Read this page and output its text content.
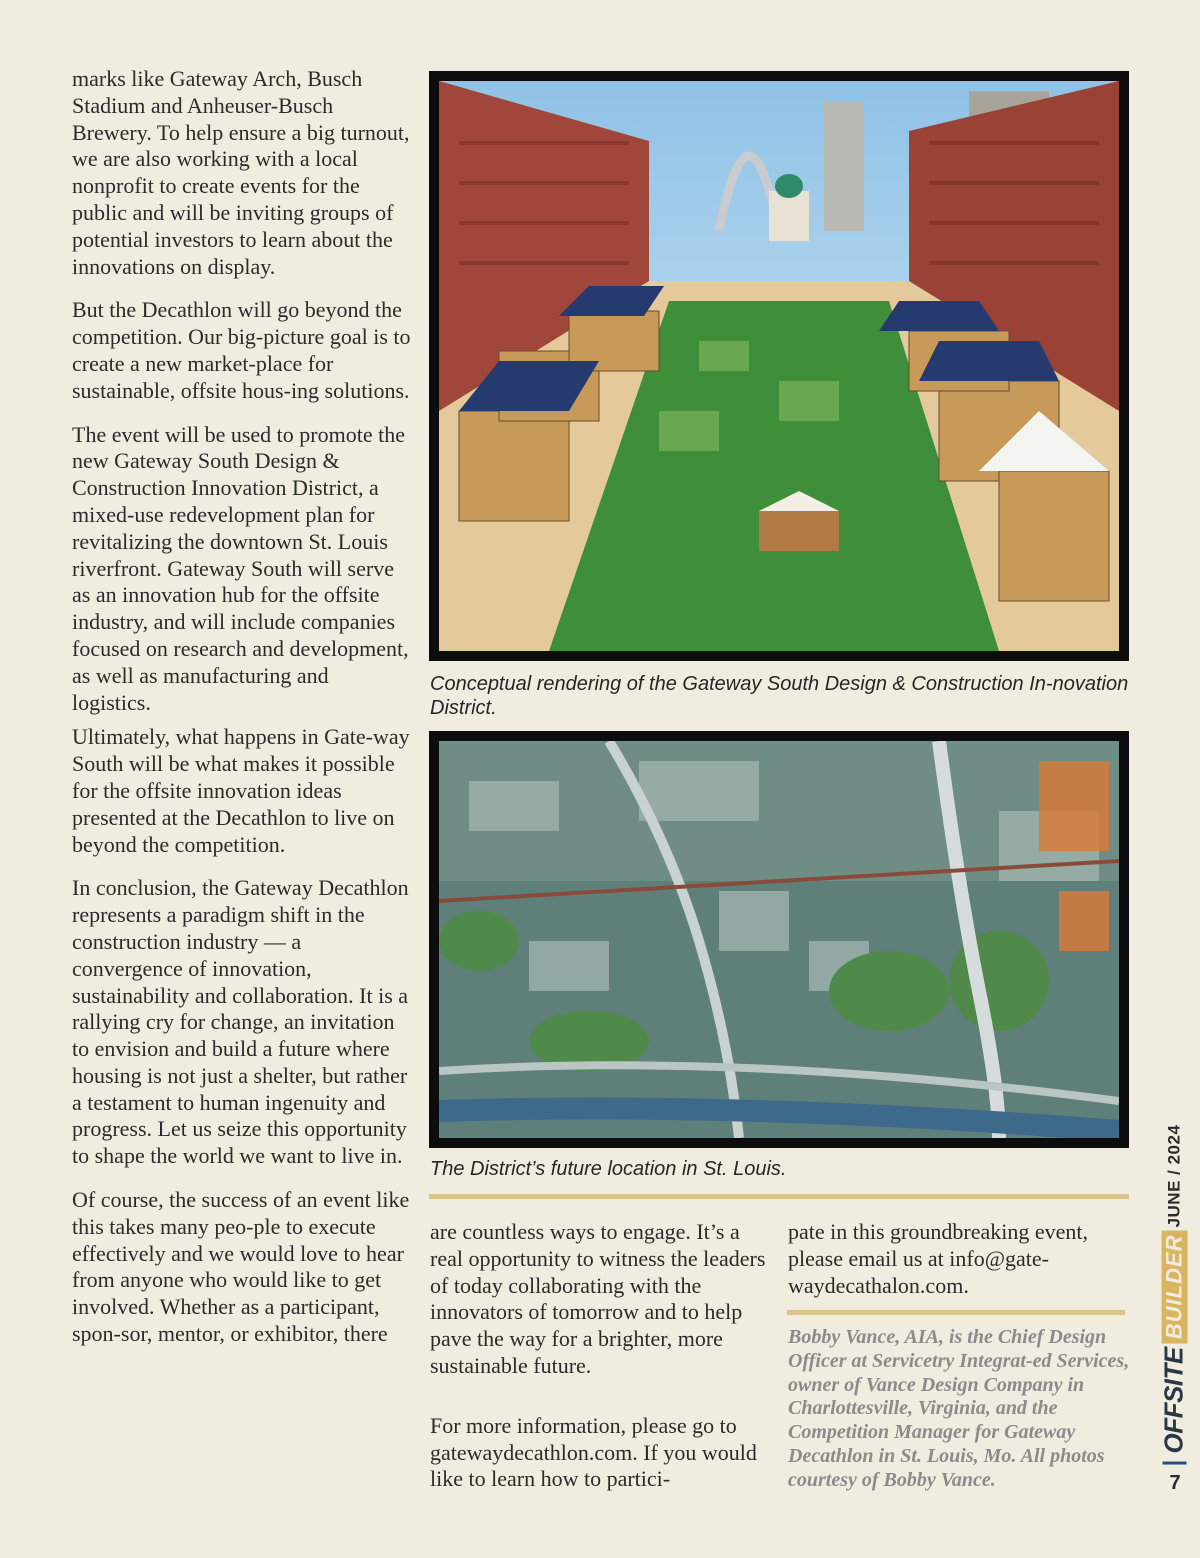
marks like Gateway Arch, Busch Stadium and Anheuser-Busch Brewery. To help ensure a big turnout, we are also working with a local nonprofit to create events for the public and will be inviting groups of potential investors to learn about the innovations on display.

But the Decathlon will go beyond the competition. Our big-picture goal is to create a new market-place for sustainable, offsite hous-ing solutions.

The event will be used to promote the new Gateway South Design & Construction Innovation District, a mixed-use redevelopment plan for revitalizing the downtown St. Louis riverfront. Gateway South will serve as an innovation hub for the offsite industry, and will include companies focused on research and development, as well as manufacturing and logistics.

Ultimately, what happens in Gate-way South will be what makes it possible for the offsite innovation ideas presented at the Decathlon to live on beyond the competition.

In conclusion, the Gateway Decathlon represents a paradigm shift in the construction industry — a convergence of innovation, sustainability and collaboration. It is a rallying cry for change, an invitation to envision and build a future where housing is not just a shelter, but rather a testament to human ingenuity and progress. Let us seize this opportunity to shape the world we want to live in.

Of course, the success of an event like this takes many peo-ple to execute effectively and we would love to hear from anyone who would like to get involved. Whether as a participant, spon-sor, mentor, or exhibitor, there

Conceptual rendering of the Gateway South Design & Construction In-novation District.
The District’s future location in St. Louis.

are countless ways to engage. It’s a real opportunity to witness the leaders of today collaborating with the innovators of tomorrow and to help pave the way for a brighter, more sustainable future.

For more information, please go to gatewaydecathlon.com. If you would like to learn how to partici-

pate in this groundbreaking event, please email us at info@gate-waydecathalon.com.

Bobby Vance, AIA, is the Chief Design Officer at Servicetry Integrat-ed Services, owner of Vance Design Company in Charlottesville, Virginia, and the Competition Manager for Gateway Decathlon in St. Louis, Mo. All photos courtesy of Bobby Vance.
JUNE / 2024
OFFSITE
BUILDER
7
